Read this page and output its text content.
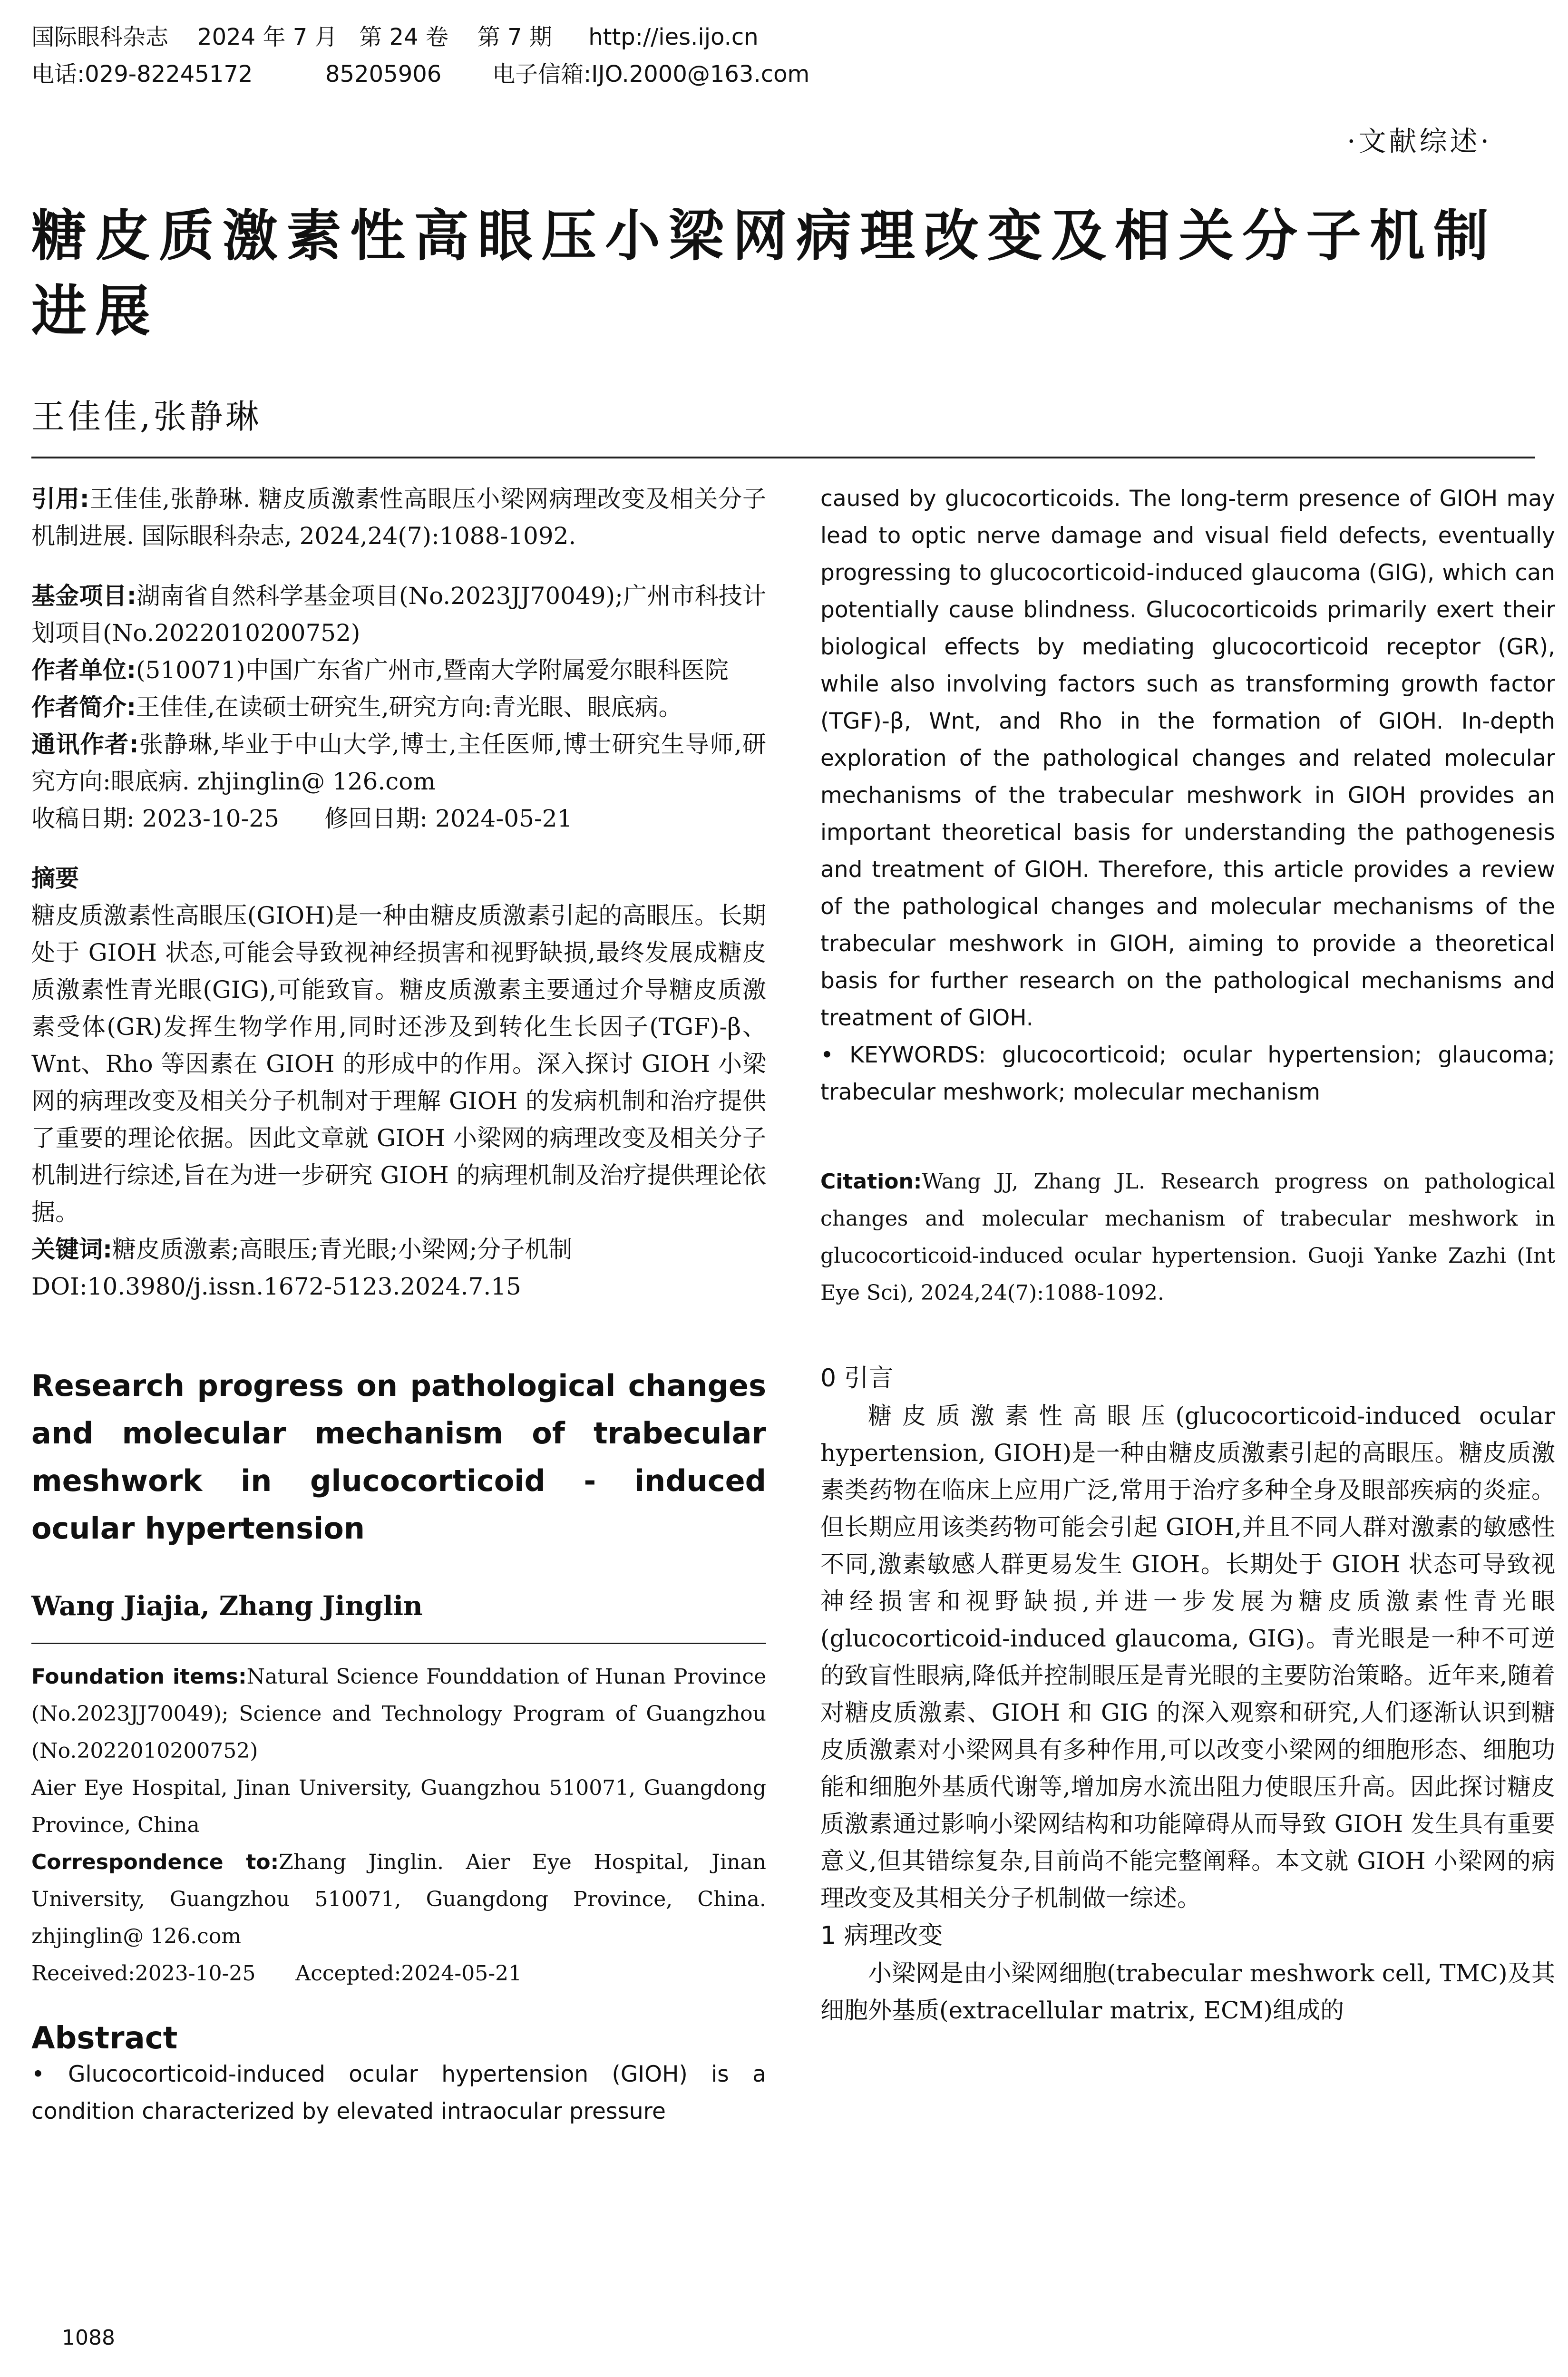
国际眼科杂志    2024 年 7 月   第 24 卷    第 7 期     http://ies.ijo.cn
电话:029-82245172          85205906       电子信箱:IJO.2000@163.com
·文献综述·
糖皮质激素性高眼压小梁网病理改变及相关分子机制进展
王佳佳,张静琳

引用:王佳佳,张静琳. 糖皮质激素性高眼压小梁网病理改变及相关分子机制进展. 国际眼科杂志, 2024,24(7):1088-1092.

基金项目:湖南省自然科学基金项目(No.2023JJ70049);广州市科技计划项目(No.2022010200752)

作者单位:(510071)中国广东省广州市,暨南大学附属爱尔眼科医院

作者简介:王佳佳,在读硕士研究生,研究方向:青光眼、眼底病。

通讯作者:张静琳,毕业于中山大学,博士,主任医师,博士研究生导师,研究方向:眼底病. zhjinglin@ 126.com

收稿日期: 2023-10-25      修回日期: 2024-05-21

摘要

糖皮质激素性高眼压(GIOH)是一种由糖皮质激素引起的高眼压。长期处于 GIOH 状态,可能会导致视神经损害和视野缺损,最终发展成糖皮质激素性青光眼(GIG),可能致盲。糖皮质激素主要通过介导糖皮质激素受体(GR)发挥生物学作用,同时还涉及到转化生长因子(TGF)-β、Wnt、Rho 等因素在 GIOH 的形成中的作用。深入探讨 GIOH 小梁网的病理改变及相关分子机制对于理解 GIOH 的发病机制和治疗提供了重要的理论依据。因此文章就 GIOH 小梁网的病理改变及相关分子机制进行综述,旨在为进一步研究 GIOH 的病理机制及治疗提供理论依据。

关键词:糖皮质激素;高眼压;青光眼;小梁网;分子机制

DOI:10.3980/j.issn.1672-5123.2024.7.15

Research progress on pathological changes and molecular mechanism of trabecular meshwork in glucocorticoid - induced ocular hypertension

Wang Jiajia, Zhang Jinglin

Foundation items:Natural Science Founddation of Hunan Province (No.2023JJ70049); Science and Technology Program of Guangzhou (No.2022010200752)

Aier Eye Hospital, Jinan University, Guangzhou 510071, Guangdong Province, China

Correspondence to:Zhang Jinglin. Aier Eye Hospital, Jinan University, Guangzhou 510071, Guangdong Province, China. zhjinglin@ 126.com

Received:2023-10-25      Accepted:2024-05-21

Abstract

• Glucocorticoid-induced ocular hypertension (GIOH) is a condition characterized by elevated intraocular pressure

caused by glucocorticoids. The long-term presence of GIOH may lead to optic nerve damage and visual field defects, eventually progressing to glucocorticoid-induced glaucoma (GIG), which can potentially cause blindness. Glucocorticoids primarily exert their biological effects by mediating glucocorticoid receptor (GR), while also involving factors such as transforming growth factor (TGF)-β, Wnt, and Rho in the formation of GIOH. In-depth exploration of the pathological changes and related molecular mechanisms of the trabecular meshwork in GIOH provides an important theoretical basis for understanding the pathogenesis and treatment of GIOH. Therefore, this article provides a review of the pathological changes and molecular mechanisms of the trabecular meshwork in GIOH, aiming to provide a theoretical basis for further research on the pathological mechanisms and treatment of GIOH.

• KEYWORDS: glucocorticoid; ocular hypertension; glaucoma; trabecular meshwork; molecular mechanism

Citation:Wang JJ, Zhang JL. Research progress on pathological changes and molecular mechanism of trabecular meshwork in glucocorticoid-induced ocular hypertension. Guoji Yanke Zazhi (Int Eye Sci), 2024,24(7):1088-1092.

0 引言

糖皮质激素性高眼压(glucocorticoid-induced ocular hypertension, GIOH)是一种由糖皮质激素引起的高眼压。糖皮质激素类药物在临床上应用广泛,常用于治疗多种全身及眼部疾病的炎症。但长期应用该类药物可能会引起 GIOH,并且不同人群对激素的敏感性不同,激素敏感人群更易发生 GIOH。长期处于 GIOH 状态可导致视神经损害和视野缺损,并进一步发展为糖皮质激素性青光眼(glucocorticoid-induced glaucoma, GIG)。青光眼是一种不可逆的致盲性眼病,降低并控制眼压是青光眼的主要防治策略。近年来,随着对糖皮质激素、GIOH 和 GIG 的深入观察和研究,人们逐渐认识到糖皮质激素对小梁网具有多种作用,可以改变小梁网的细胞形态、细胞功能和细胞外基质代谢等,增加房水流出阻力使眼压升高。因此探讨糖皮质激素通过影响小梁网结构和功能障碍从而导致 GIOH 发生具有重要意义,但其错综复杂,目前尚不能完整阐释。本文就 GIOH 小梁网的病理改变及其相关分子机制做一综述。

1 病理改变

小梁网是由小梁网细胞(trabecular meshwork cell, TMC)及其细胞外基质(extracellular matrix, ECM)组成的

1088
